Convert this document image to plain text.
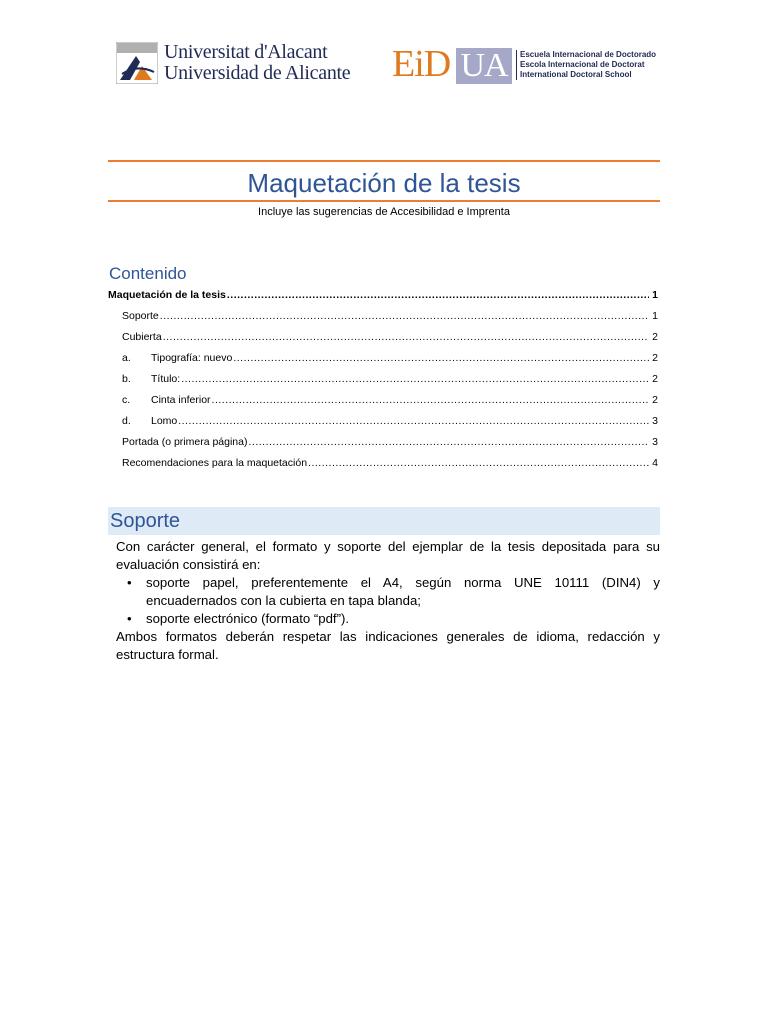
Universitat d'Alacant
Universidad de Alicante EiD UA	Escuela Internacional de Doctorado
Escola Internacional de Doctorat
International Doctoral School
Maquetación de la tesis
Incluye las sugerencias de Accesibilidad e Imprenta
Contenido
Maquetación de la tesis .....	1
Soporte .....	1
Cubierta .....	2
a.	Tipografía: nuevo .....	2
b.	Título: .....	2
c.	Cinta inferior .....	2
d.	Lomo .....	3
Portada (o primera página) .....	3
Recomendaciones para la maquetación .....	4
Soporte

Con carácter general, el formato y soporte del ejemplar de la tesis depositada para su evaluación consistirá en:

• soporte papel, preferentemente el A4, según norma UNE 10111 (DIN4) y encuadernados con la cubierta en tapa blanda;
• soporte electrónico (formato “pdf”).

Ambos formatos deberán respetar las indicaciones generales de idioma, redacción y estructura formal.
